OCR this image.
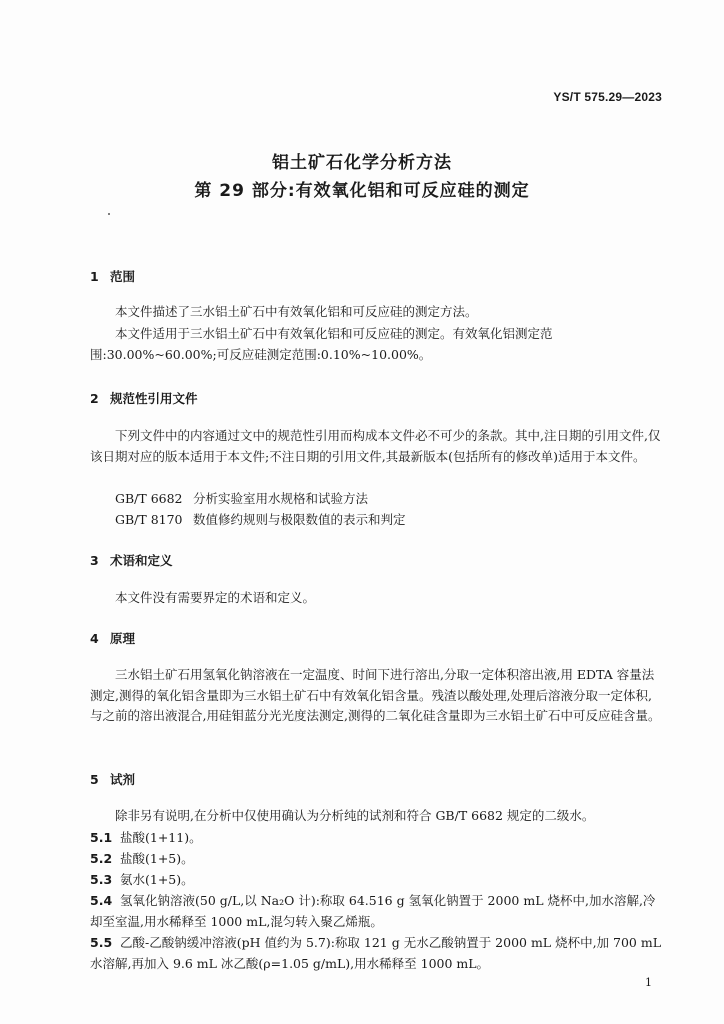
YS/T 575.29—2023
铝土矿石化学分析方法
第 29 部分:有效氧化铝和可反应硅的测定
1 范围
本文件描述了三水铝土矿石中有效氧化铝和可反应硅的测定方法。
本文件适用于三水铝土矿石中有效氧化铝和可反应硅的测定。有效氧化铝测定范围:30.00%~60.00%;可反应硅测定范围:0.10%~10.00%。
2 规范性引用文件
下列文件中的内容通过文中的规范性引用而构成本文件必不可少的条款。其中,注日期的引用文件,仅该日期对应的版本适用于本文件;不注日期的引用文件,其最新版本(包括所有的修改单)适用于本文件。
GB/T 6682 分析实验室用水规格和试验方法
GB/T 8170 数值修约规则与极限数值的表示和判定
3 术语和定义
本文件没有需要界定的术语和定义。
4 原理
三水铝土矿石用氢氧化钠溶液在一定温度、时间下进行溶出,分取一定体积溶出液,用 EDTA 容量法测定,测得的氧化铝含量即为三水铝土矿石中有效氧化铝含量。残渣以酸处理,处理后溶液分取一定体积,与之前的溶出液混合,用硅钼蓝分光光度法测定,测得的二氧化硅含量即为三水铝土矿石中可反应硅含量。
5 试剂
除非另有说明,在分析中仅使用确认为分析纯的试剂和符合 GB/T 6682 规定的二级水。
5.1 盐酸(1+11)。
5.2 盐酸(1+5)。
5.3 氨水(1+5)。
5.4 氢氧化钠溶液(50 g/L,以 Na₂O 计):称取 64.516 g 氢氧化钠置于 2000 mL 烧杯中,加水溶解,冷却至室温,用水稀释至 1000 mL,混匀转入聚乙烯瓶。
5.5 乙酸-乙酸钠缓冲溶液(pH 值约为 5.7):称取 121 g 无水乙酸钠置于 2000 mL 烧杯中,加 700 mL水溶解,再加入 9.6 mL 冰乙酸(ρ=1.05 g/mL),用水稀释至 1000 mL。
1
